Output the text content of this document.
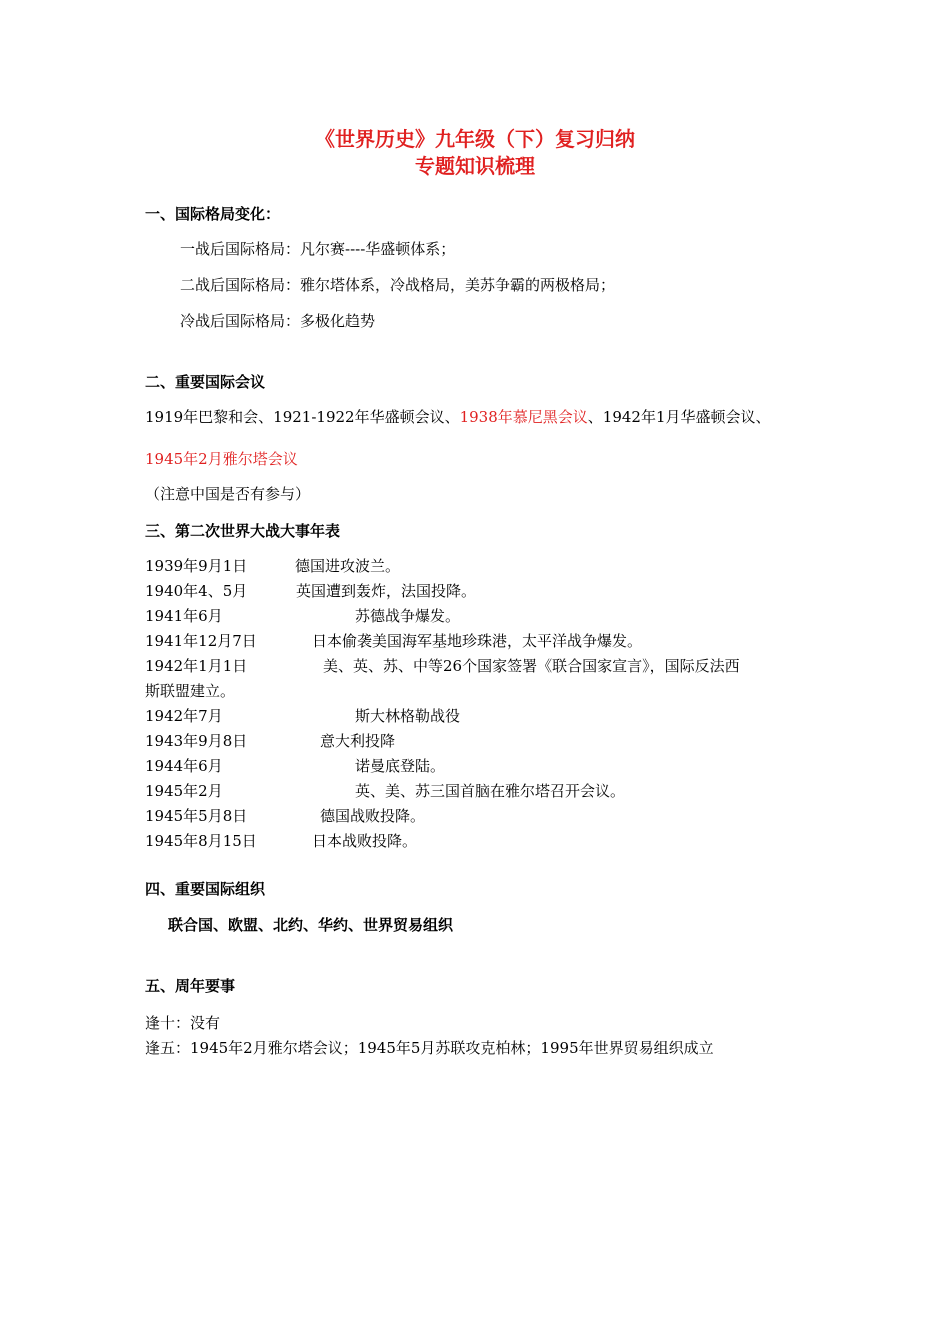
《世界历史》九年级（下）复习归纳
专题知识梳理
一、国际格局变化：
一战后国际格局：凡尔赛----华盛顿体系；
二战后国际格局：雅尔塔体系，冷战格局，美苏争霸的两极格局；
冷战后国际格局：多极化趋势
二、重要国际会议
1919年巴黎和会、1921-1922年华盛顿会议、1938年慕尼黑会议、1942年1月华盛顿会议、
1945年2月雅尔塔会议
（注意中国是否有参与）
三、第二次世界大战大事年表
1939年9月1日	德国进攻波兰。
1940年4、5月	英国遭到轰炸，法国投降。
1941年6月	苏德战争爆发。
1941年12月7日	日本偷袭美国海军基地珍珠港，太平洋战争爆发。
1942年1月1日	美、英、苏、中等26个国家签署《联合国家宣言》，国际反法西
斯联盟建立。
1942年7月	斯大林格勒战役
1943年9月8日	意大利投降
1944年6月	诺曼底登陆。
1945年2月	英、美、苏三国首脑在雅尔塔召开会议。
1945年5月8日	德国战败投降。
1945年8月15日	日本战败投降。
四、重要国际组织
联合国、欧盟、北约、华约、世界贸易组织
五、周年要事
逢十：没有
逢五：1945年2月雅尔塔会议；1945年5月苏联攻克柏林；1995年世界贸易组织成立
